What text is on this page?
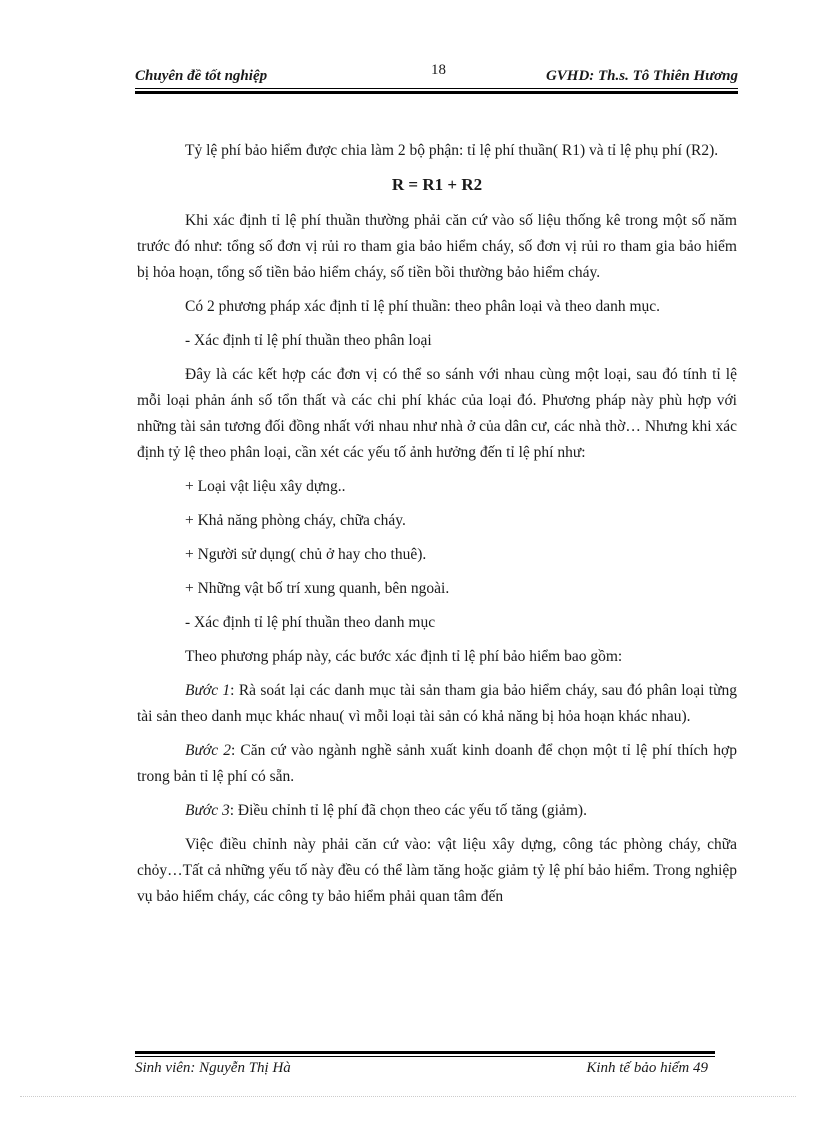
Chuyên đề tốt nghiệp	18	GVHD: Th.s. Tô Thiên Hương

Tỷ lệ phí bảo hiểm được chia làm 2 bộ phận: tỉ lệ phí thuần( R1) và tỉ lệ phụ phí (R2).

R = R1 + R2

Khi xác định tỉ lệ phí thuần thường phải căn cứ vào số liệu thống kê trong một số năm trước đó như: tổng số đơn vị rủi ro tham gia bảo hiểm cháy, số đơn vị rủi ro tham gia bảo hiểm bị hỏa hoạn, tổng số tiền bảo hiểm cháy, số tiền bồi thường bảo hiểm cháy.

Có 2 phương pháp xác định tỉ lệ phí thuần: theo phân loại và theo danh mục.

- Xác định tỉ lệ phí thuần theo phân loại

Đây là các kết hợp các đơn vị có thể so sánh với nhau cùng một loại, sau đó tính tỉ lệ mỗi loại phản ánh số tổn thất và các chi phí khác của loại đó. Phương pháp này phù hợp với những tài sản tương đối đồng nhất với nhau như nhà ở của dân cư, các nhà thờ… Nhưng khi xác định tỷ lệ theo phân loại, cần xét các yếu tố ảnh hưởng đến tỉ lệ phí như:

+ Loại vật liệu xây dựng..

+ Khả năng phòng cháy, chữa cháy.

+ Người sử dụng( chủ ở hay cho thuê).

+ Những vật bố trí xung quanh, bên ngoài.

- Xác định tỉ lệ phí thuần theo danh mục

Theo phương pháp này, các bước xác định tỉ lệ phí bảo hiểm bao gồm:

Bước 1: Rà soát lại các danh mục tài sản tham gia bảo hiểm cháy, sau đó phân loại từng tài sản theo danh mục khác nhau( vì mỗi loại tài sản có khả năng bị hỏa hoạn khác nhau).

Bước 2: Căn cứ vào ngành nghề sảnh xuất kinh doanh để chọn một tỉ lệ phí thích hợp trong bản tỉ lệ phí có sẵn.

Bước 3: Điều chỉnh tỉ lệ phí đã chọn theo các yếu tố tăng (giảm).

Việc điều chỉnh này phải căn cứ vào: vật liệu xây dựng, công tác phòng cháy, chữa chỏy…Tất cả những yếu tố này đều có thể làm tăng hoặc giảm tỷ lệ phí bảo hiểm. Trong nghiệp vụ bảo hiểm cháy, các công ty bảo hiểm phải quan tâm đến

Sinh viên: Nguyễn Thị Hà	Kinh tế bảo hiểm 49
